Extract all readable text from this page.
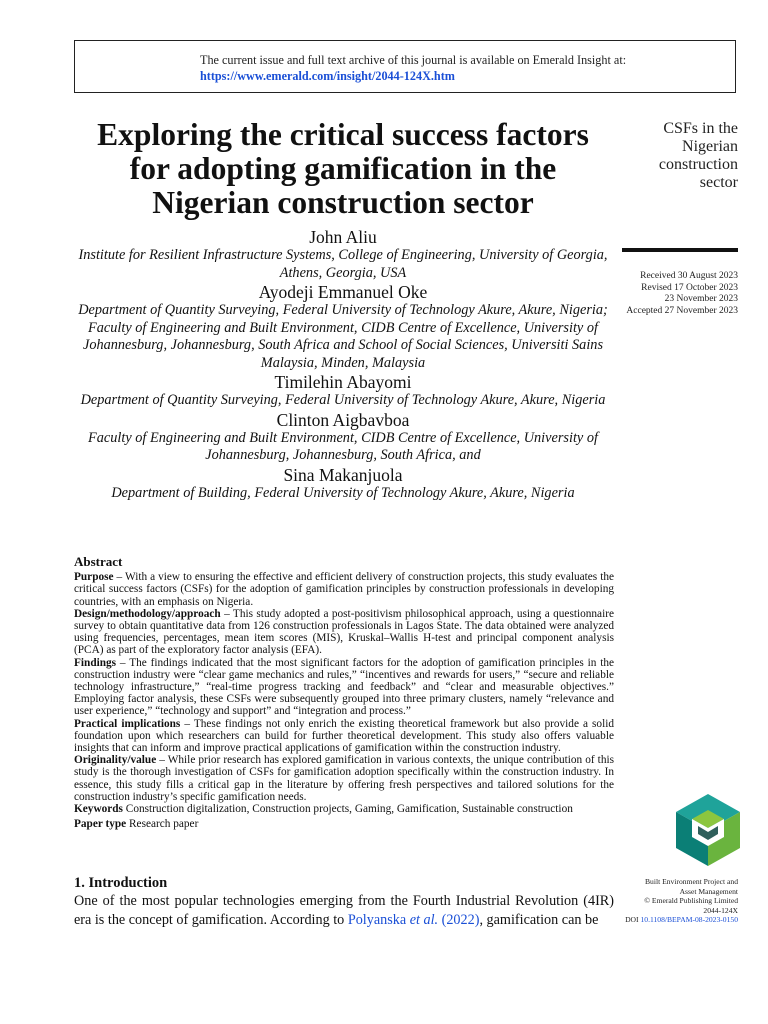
The current issue and full text archive of this journal is available on Emerald Insight at:
https://www.emerald.com/insight/2044-124X.htm
Exploring the critical success factors for adopting gamification in the Nigerian construction sector
John Aliu
Institute for Resilient Infrastructure Systems, College of Engineering, University of Georgia, Athens, Georgia, USA
Ayodeji Emmanuel Oke
Department of Quantity Surveying, Federal University of Technology Akure, Akure, Nigeria; Faculty of Engineering and Built Environment, CIDB Centre of Excellence, University of Johannesburg, Johannesburg, South Africa and School of Social Sciences, Universiti Sains Malaysia, Minden, Malaysia
Timilehin Abayomi
Department of Quantity Surveying, Federal University of Technology Akure, Akure, Nigeria
Clinton Aigbavboa
Faculty of Engineering and Built Environment, CIDB Centre of Excellence, University of Johannesburg, Johannesburg, South Africa, and
Sina Makanjuola
Department of Building, Federal University of Technology Akure, Akure, Nigeria
Abstract

Purpose – With a view to ensuring the effective and efficient delivery of construction projects, this study evaluates the critical success factors (CSFs) for the adoption of gamification principles by construction professionals in developing countries, with an emphasis on Nigeria.

Design/methodology/approach – This study adopted a post-positivism philosophical approach, using a questionnaire survey to obtain quantitative data from 126 construction professionals in Lagos State. The data obtained were analyzed using frequencies, percentages, mean item scores (MIS), Kruskal–Wallis H-test and principal component analysis (PCA) as part of the exploratory factor analysis (EFA).

Findings – The findings indicated that the most significant factors for the adoption of gamification principles in the construction industry were “clear game mechanics and rules,” “incentives and rewards for users,” “secure and reliable technology infrastructure,” “real-time progress tracking and feedback” and “clear and measurable objectives.” Employing factor analysis, these CSFs were subsequently grouped into three primary clusters, namely “relevance and user experience,” “technology and support” and “integration and process.”

Practical implications – These findings not only enrich the existing theoretical framework but also provide a solid foundation upon which researchers can build for further theoretical development. This study also offers valuable insights that can inform and improve practical applications of gamification within the construction industry.

Originality/value – While prior research has explored gamification in various contexts, the unique contribution of this study is the thorough investigation of CSFs for gamification adoption specifically within the construction industry. In essence, this study fills a critical gap in the literature by offering fresh perspectives and tailored solutions for the construction industry’s specific gamification needs.

Keywords Construction digitalization, Construction projects, Gaming, Gamification, Sustainable construction

Paper type Research paper

1. Introduction
One of the most popular technologies emerging from the Fourth Industrial Revolution (4IR) era is the concept of gamification. According to Polyanska et al. (2022), gamification can be
CSFs in the
Nigerian
construction
sector
Received 30 August 2023
Revised 17 October 2023
23 November 2023
Accepted 27 November 2023
Built Environment Project and
Asset Management
© Emerald Publishing Limited
2044-124X
DOI 10.1108/BEPAM-08-2023-0150
